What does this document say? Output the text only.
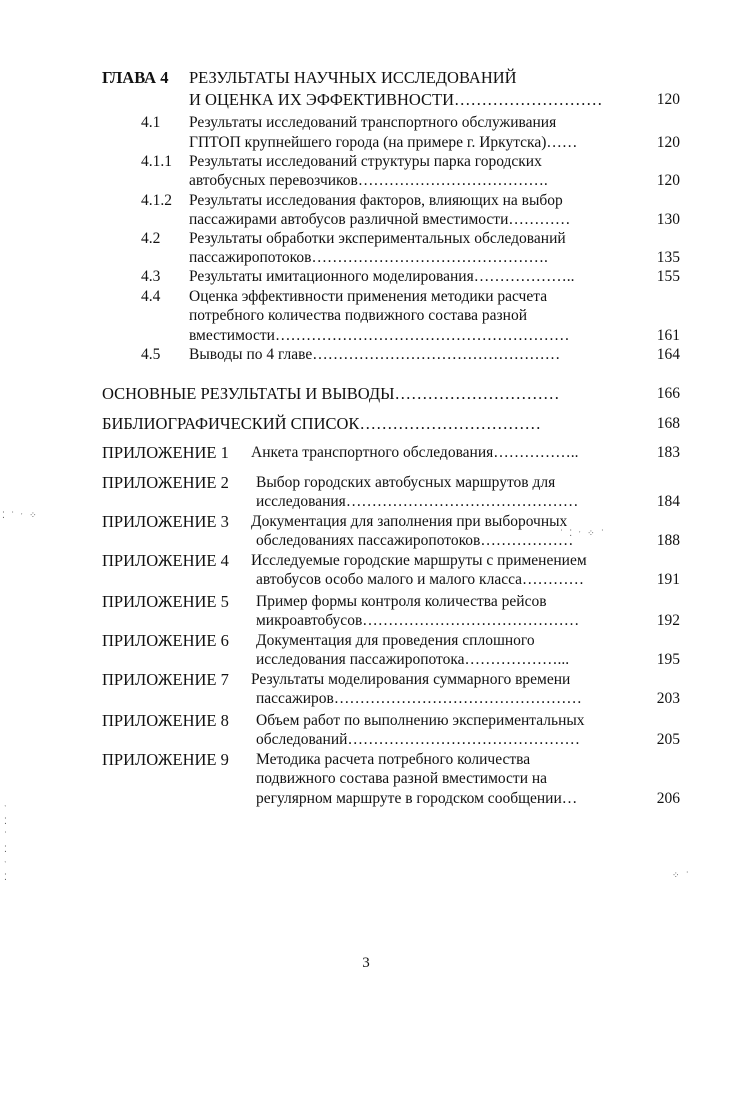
ГЛАВА 4 РЕЗУЛЬТАТЫ НАУЧНЫХ ИССЛЕДОВАНИЙ
И ОЦЕНКА ИХ ЭФФЕКТИВНОСТИ………………………	120
4.1 Результаты исследований транспортного обслуживания
ГПТОП крупнейшего города (на примере г. Иркутска)……	120
4.1.1 Результаты исследований структуры парка городских
автобусных перевозчиков……………………………….	120
4.1.2 Результаты исследования факторов, влияющих на выбор
пассажирами автобусов различной вместимости…………	130
4.2 Результаты обработки экспериментальных обследований
пассажиропотоков……………………………………….	135
4.3 Результаты имитационного моделирования………………..	155
4.4 Оценка эффективности применения методики расчета
потребного количества подвижного состава разной
вместимости…………………………………………………	161
4.5 Выводы по 4 главе…………………………………………	164
ОСНОВНЫЕ РЕЗУЛЬТАТЫ И ВЫВОДЫ…………………………	166
БИБЛИОГРАФИЧЕСКИЙ СПИСОК……………………………	168
ПРИЛОЖЕНИЕ 1 Анкета транспортного обследования……………..	183
ПРИЛОЖЕНИЕ 2 Выбор городских автобусных маршрутов для
исследования………………………………………	184
ПРИЛОЖЕНИЕ 3 Документация для заполнения при выборочных
обследованиях пассажиропотоков………………	188
ПРИЛОЖЕНИЕ 4 Исследуемые городские маршруты с применением
автобусов особо малого и малого класса…………	191
ПРИЛОЖЕНИЕ 5 Пример формы контроля количества рейсов
микроавтобусов……………………………………	192
ПРИЛОЖЕНИЕ 6 Документация для проведения сплошного
исследования пассажиропотока………………...	195
ПРИЛОЖЕНИЕ 7 Результаты моделирования суммарного времени
пассажиров…………………………………………	203
ПРИЛОЖЕНИЕ 8 Объем работ по выполнению экспериментальных
обследований………………………………………	205
ПРИЛОЖЕНИЕ 9 Методика расчета потребного количества
подвижного состава разной вместимости на
регулярном маршруте в городском сообщении…	206
⁚ ˙ ˑ ⁘
˙ ⁚ ˑ ⁘ ˙
⁘ ˙
ˑ ⁚ ˙ ⁚ ˑ ⁚
3
